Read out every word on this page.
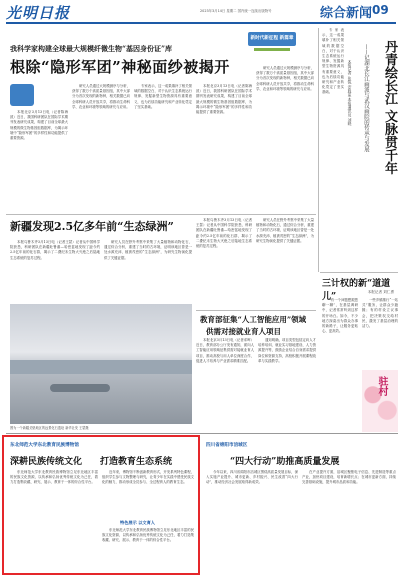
光明日报	2023年3月14日 星期二 国内统一连续出版物号	综合新闻 09
我科学家构建全球最大规模纤微生物“基因身份证”库
根除“隐形军团”神秘面纱被揭开
新时代新征程 新篇章

本报北京3月13日电（记者陈海波）近日，我国科研团队在国际学术期刊发表研究成果，构建了目前全球最大规模的微生物基因组数据库，为揭示环境中“隐形军团”的多样性和功能提供了重要资源。

研究人员通过大规模测序与分析，获得了数万个高质量基因组，其中大部分为首次发现的新物种，相关数据已向全球科研人员开放共享，将推动生命科学、农业和环境等领域的研究与应用。

专家表示，这一成果填补了相关领域的数据空白，对于认识生态系统运行规律、发掘新型生物资源具有重要意义，也为后续功能研究和产业转化奠定了坚实基础。

本报北京3月13日电（记者陈海波）近日，我国科研团队在国际学术期刊发表研究成果，构建了目前全球最大规模的微生物基因组数据库，为揭示环境中“隐形军团”的多样性和功能提供了重要资源。

研究人员通过大规模测序与分析，获得了数万个高质量基因组，其中大部分为首次发现的新物种，相关数据已向全球科研人员开放共享，将推动生命科学、农业和环境等领域的研究与应用。	丹青绘长江 文脉贯千年
——记湖北长江画派与武汉画院的传承与发展
本报记者 张锐 安胜蓝 本报通讯员 刘晓

专家表示，这一成果填补了相关领域的数据空白，对于认识生态系统运行规律、发掘新型生物资源具有重要意义，也为后续功能研究和产业转化奠定了坚实基础。

新疆发现2.5亿多年前“生态绿洲”

本报乌鲁木齐3月13日电（记者王瑟）记者从中国科学院获悉，科研团队在新疆吐鲁番—哈密盆地发现了距今约2.5亿年前的化石群，揭示了二叠纪末生物大灭绝之后陆地生态系统的复苏过程。

研究人员在野外考察中采集了大量植物和动物化石，通过综合分析，重建了当时的古环境，证明该地区曾是一处水源充沛、植被茂密的“生态绿洲”，为研究生物演化提供了关键证据。

本报乌鲁木齐3月13日电（记者王瑟）记者从中国科学院获悉，科研团队在新疆吐鲁番—哈密盆地发现了距今约2.5亿年前的化石群，揭示了二叠纪末生物大灭绝之后陆地生态系统的复苏过程。

研究人员在野外考察中采集了大量植物和动物化石，通过综合分析，重建了当时的古环境，证明该地区曾是一处水源充沛、植被茂密的“生态绿洲”，为研究生物演化提供了关键证据。

图为一个新疆戈壁地区的远景化石遗址 新华社发 王瑟摄
教育部征集“人工智能应用”领域
供需对接就业育人项目

本报北京3月13日电（记者邓晖）近日，教育部办公厅发布通知，面向人工智能应用领域征集供需对接就业育人项目，推动高校与用人单位深度合作，促进人才培养与产业需求精准匹配。

通知明确，项目类型包括定向人才培养培训、就业实习基地建设、人力资源提升等，鼓励企业结合自身需求提供岗位和资源支持，高校积极开展课程改革与实践教学。

三计权的新“道道儿”	本报记者 刘仁勇

“有一个问题想跟您聊一聊”，在基层调研中，记者常常听到这样的开场白。如今，不少地方探索出为群众办事的新路子，让服务更贴心、更高效。

一些乡镇推行“一站式”服务，让群众少跑腿；有的村设立议事会，把决策权交给村民，激发了基层治理的活力。

驻村
东北师范大学东北教育民族博物馆
深耕民族传统文化 打造教育生态系统

东北师范大学东北教育民族博物馆立足东北地区丰富的民族文化资源，以传承和弘扬优秀传统文化为己任，着力打造集收藏、研究、展示、教育于一体的综合性平台。

近年来，博物馆不断创新教育形式，开发系列特色课程，组织学生参与文物整理与研究，让青少年在实践中感受民族文化的魅力，推动形成全员参与、全过程育人的教育生态。

特色展示 以文育人

东北师范大学东北教育民族博物馆立足东北地区丰富的民族文化资源，以传承和弘扬优秀传统文化为己任，着力打造集收藏、研究、展示、教育于一体的综合性平台。

四川省绵阳市涪城区
“四大行动”助推高质量发展

今年以来，四川省绵阳市涪城区围绕高质量发展目标，深入实施产业提升、城市更新、乡村振兴、民生改善“四大行动”，推动经济社会发展取得新成效。

在产业提升方面，涪城区聚焦电子信息、先进制造等重点产业，加快项目建设，培育新增长点；在城市更新方面，持续完善基础设施，提升城市品质和功能。
